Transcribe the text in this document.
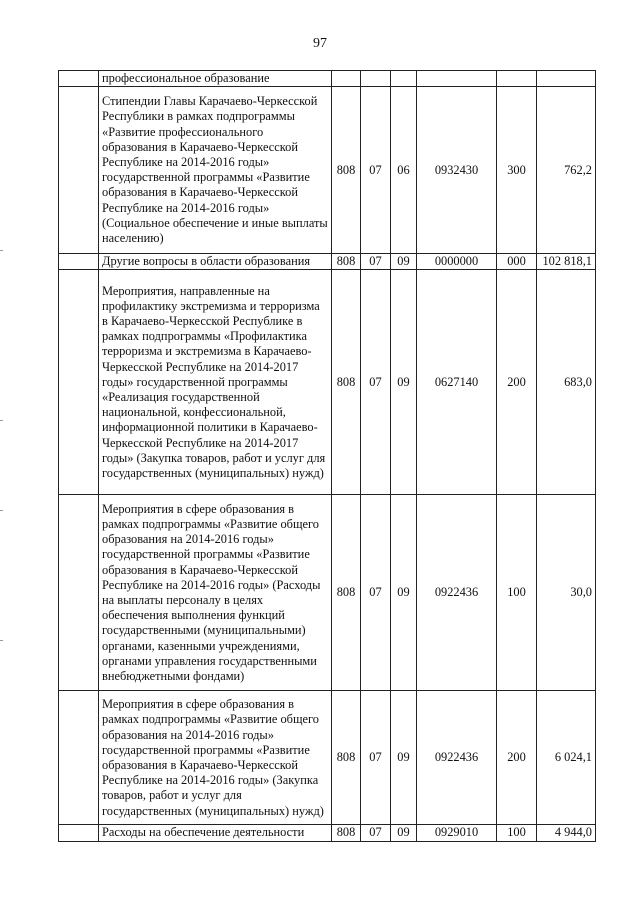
97
	профессиональное образование						
	Стипендии Главы Карачаево-Черкесской Республики в рамках подпрограммы «Развитие профессионального образования в Карачаево-Черкесской Республике на 2014-2016 годы» государственной программы «Развитие образования в Карачаево-Черкесской Республике на 2014-2016 годы» (Социальное обеспечение и иные выплаты населению)	808	07	06	0932430	300	762,2
	Другие вопросы в области образования	808	07	09	0000000	000	102 818,1
	Мероприятия, направленные на профилактику экстремизма и терроризма в Карачаево-Черкесской Республике в рамках подпрограммы «Профилактика терроризма и экстремизма в Карачаево-Черкесской Республике на 2014-2017 годы» государственной программы «Реализация государственной национальной, конфессиональной, информационной политики в Карачаево-Черкесской Республике на 2014-2017 годы» (Закупка товаров, работ и услуг для государственных (муниципальных) нужд)	808	07	09	0627140	200	683,0
	Мероприятия в сфере образования в рамках подпрограммы «Развитие общего образования на 2014-2016 годы» государственной программы «Развитие образования в Карачаево-Черкесской Республике на 2014-2016 годы» (Расходы на выплаты персоналу в целях обеспечения выполнения функций государственными (муниципальными) органами, казенными учреждениями, органами управления государственными внебюджетными фондами)	808	07	09	0922436	100	30,0
	Мероприятия в сфере образования в рамках подпрограммы «Развитие общего образования на 2014-2016 годы» государственной программы «Развитие образования в Карачаево-Черкесской Республике на 2014-2016 годы» (Закупка товаров, работ и услуг для государственных (муниципальных) нужд)	808	07	09	0922436	200	6 024,1
	Расходы на обеспечение деятельности	808	07	09	0929010	100	4 944,0
